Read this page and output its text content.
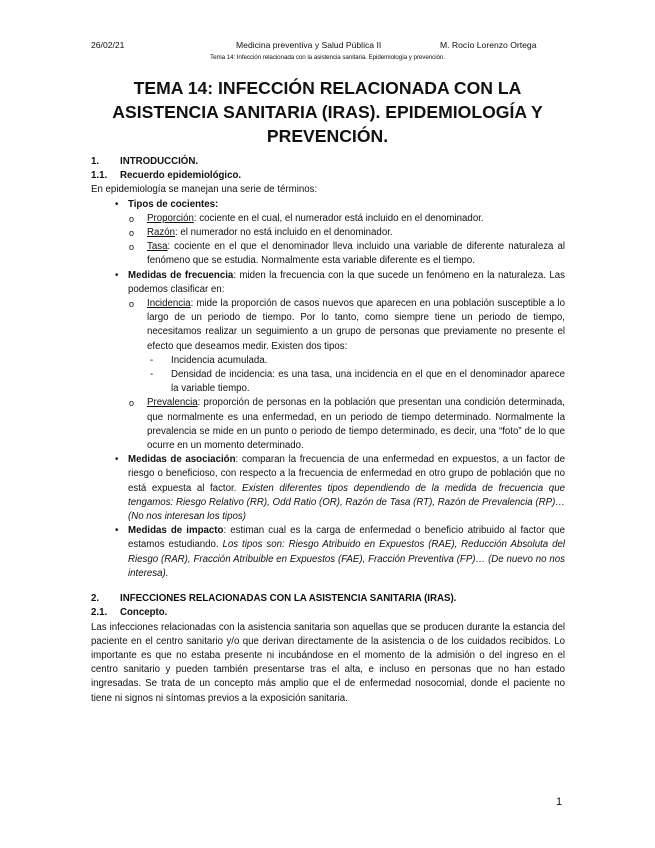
26/02/21	Medicina preventiva y Salud Pública II	M. Rocío Lorenzo Ortega
Tema 14: Infección relacionada con la asistencia sanitaria. Epidemiología y prevención.
TEMA 14: INFECCIÓN RELACIONADA CON LA
ASISTENCIA SANITARIA (IRAS). EPIDEMIOLOGÍA Y
PREVENCIÓN.
1. INTRODUCCIÓN.
1.1. Recuerdo epidemiológico.
En epidemiología se manejan una serie de términos:
• Tipos de cocientes:
o Proporción: cociente en el cual, el numerador está incluido en el denominador.
o Razón: el numerador no está incluido en el denominador.
o Tasa: cociente en el que el denominador lleva incluido una variable de diferente naturaleza al fenómeno que se estudia. Normalmente esta variable diferente es el tiempo.
• Medidas de frecuencia: miden la frecuencia con la que sucede un fenómeno en la naturaleza. Las podemos clasificar en:
o Incidencia: mide la proporción de casos nuevos que aparecen en una población susceptible a lo largo de un periodo de tiempo. Por lo tanto, como siempre tiene un periodo de tiempo, necesitamos realizar un seguimiento a un grupo de personas que previamente no presente el efecto que deseamos medir. Existen dos tipos:
- Incidencia acumulada.
- Densidad de incidencia: es una tasa, una incidencia en el que en el denominador aparece la variable tiempo.
o Prevalencia: proporción de personas en la población que presentan una condición determinada, que normalmente es una enfermedad, en un periodo de tiempo determinado. Normalmente la prevalencia se mide en un punto o periodo de tiempo determinado, es decir, una “foto” de lo que ocurre en un momento determinado.
• Medidas de asociación: comparan la frecuencia de una enfermedad en expuestos, a un factor de riesgo o beneficioso, con respecto a la frecuencia de enfermedad en otro grupo de población que no está expuesta al factor. Existen diferentes tipos dependiendo de la medida de frecuencia que tengamos: Riesgo Relativo (RR), Odd Ratio (OR), Razón de Tasa (RT), Razón de Prevalencia (RP)… (No nos interesan los tipos)
• Medidas de impacto: estiman cual es la carga de enfermedad o beneficio atribuido al factor que estamos estudiando. Los tipos son: Riesgo Atribuido en Expuestos (RAE), Reducción Absoluta del Riesgo (RAR), Fracción Atribuible en Expuestos (FAE), Fracción Preventiva (FP)… (De nuevo no nos interesa).
2. INFECCIONES RELACIONADAS CON LA ASISTENCIA SANITARIA (IRAS).
2.1. Concepto.
Las infecciones relacionadas con la asistencia sanitaria son aquellas que se producen durante la estancia del paciente en el centro sanitario y/o que derivan directamente de la asistencia o de los cuidados recibidos. Lo importante es que no estaba presente ni incubándose en el momento de la admisión o del ingreso en el centro sanitario y pueden también presentarse tras el alta, e incluso en personas que no han estado ingresadas. Se trata de un concepto más amplio que el de enfermedad nosocomial, donde el paciente no tiene ni signos ni síntomas previos a la exposición sanitaria.
1
